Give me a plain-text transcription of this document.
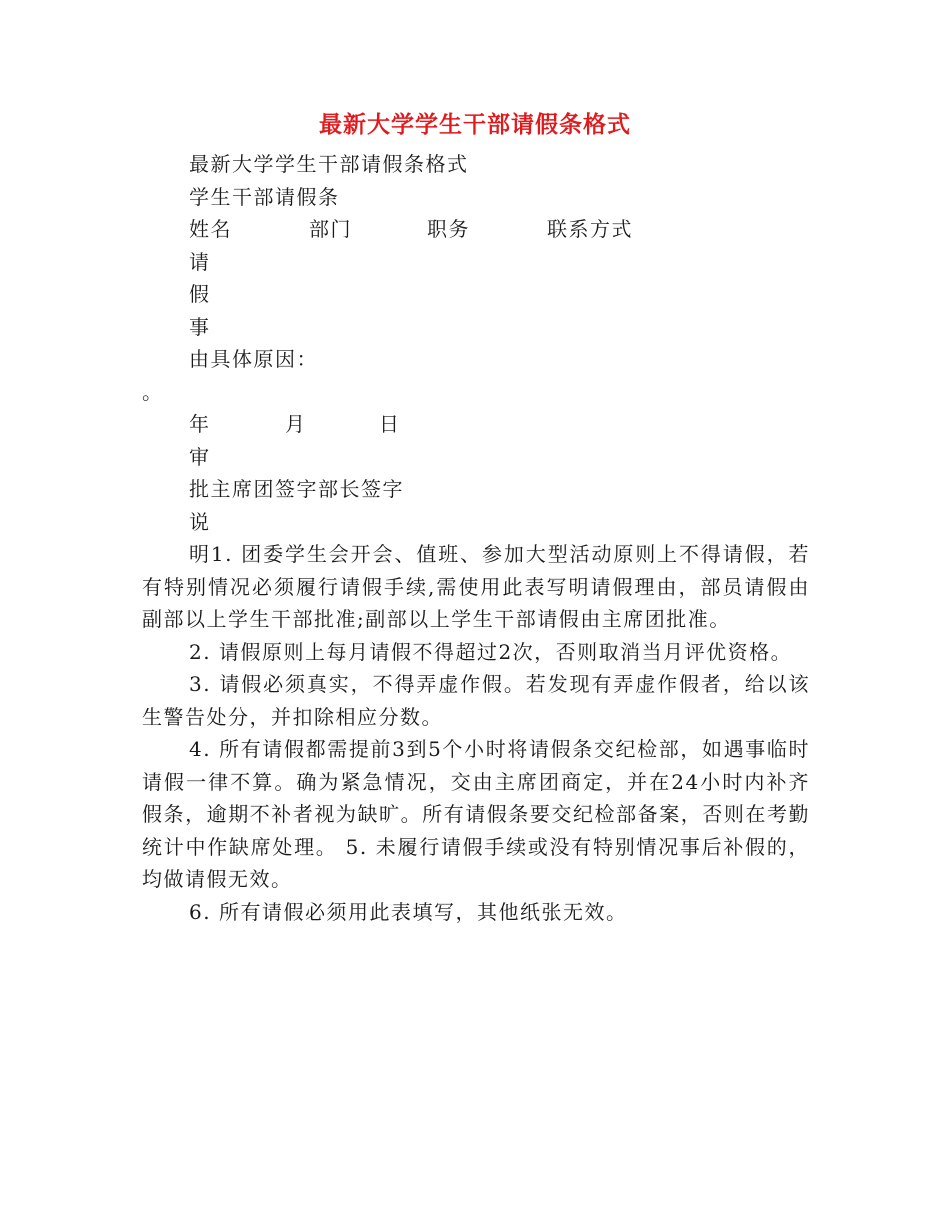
最新大学学生干部请假条格式
最新大学学生干部请假条格式
学生干部请假条
姓名	部门	职务	联系方式
请
假
事
由具体原因：
。
年	月	日
审
批主席团签字部长签字
说
明1. 团委学生会开会、值班、参加大型活动原则上不得请假，若有特别情况必须履行请假手续,需使用此表写明请假理由，部员请假由副部以上学生干部批准;副部以上学生干部请假由主席团批准。
2. 请假原则上每月请假不得超过2次，否则取消当月评优资格。
3. 请假必须真实，不得弄虚作假。若发现有弄虚作假者，给以该生警告处分，并扣除相应分数。
4. 所有请假都需提前3到5个小时将请假条交纪检部，如遇事临时请假一律不算。确为紧急情况，交由主席团商定，并在24小时内补齐假条，逾期不补者视为缺旷。所有请假条要交纪检部备案，否则在考勤统计中作缺席处理。 5. 未履行请假手续或没有特别情况事后补假的，均做请假无效。
6. 所有请假必须用此表填写，其他纸张无效。
